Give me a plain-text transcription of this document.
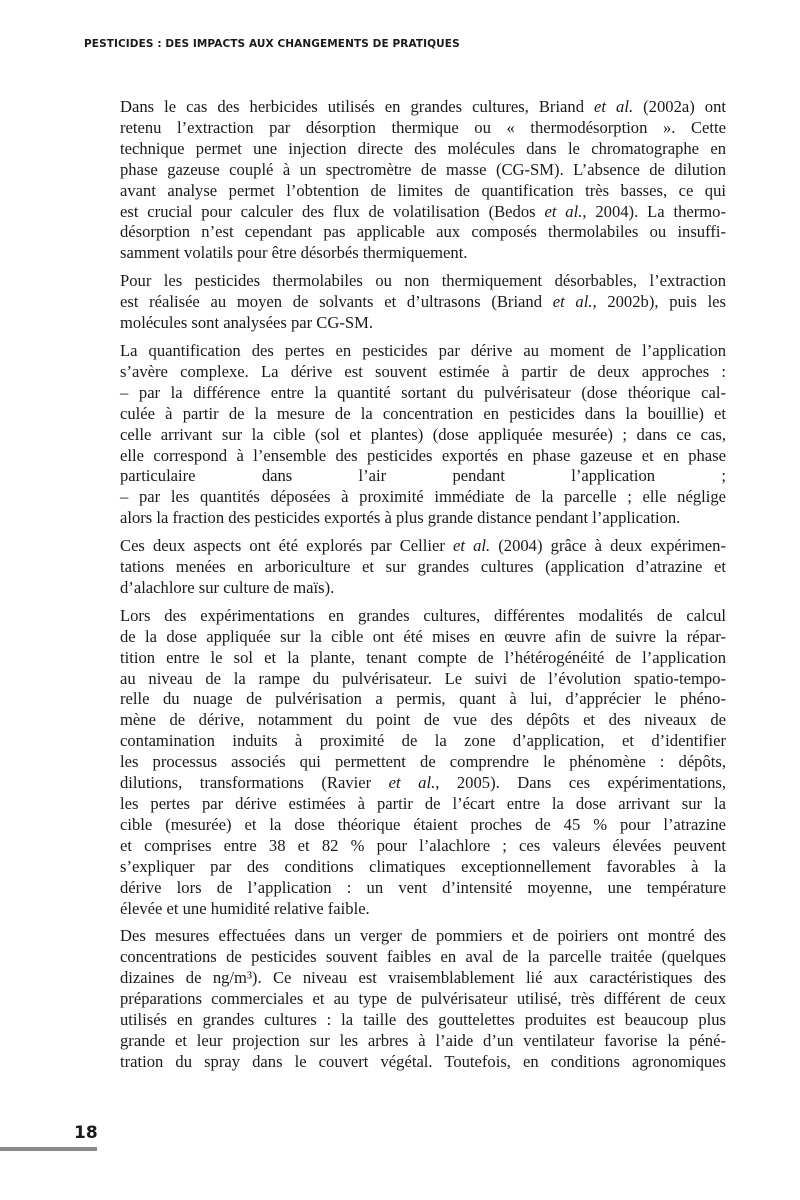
PESTICIDES : DES IMPACTS AUX CHANGEMENTS DE PRATIQUES

Dans le cas des herbicides utilisés en grandes cultures, Briand et al. (2002a) ont
retenu l’extraction par désorption thermique ou « thermodésorption ». Cette
technique permet une injection directe des molécules dans le chromatographe en
phase gazeuse couplé à un spectromètre de masse (CG-SM). L’absence de dilution
avant analyse permet l’obtention de limites de quantification très basses, ce qui
est crucial pour calculer des flux de volatilisation (Bedos et al., 2004). La thermo-
désorption n’est cependant pas applicable aux composés thermolabiles ou insuffi-
samment volatils pour être désorbés thermiquement.

Pour les pesticides thermolabiles ou non thermiquement désorbables, l’extraction
est réalisée au moyen de solvants et d’ultrasons (Briand et al., 2002b), puis les
molécules sont analysées par CG-SM.

La quantification des pertes en pesticides par dérive au moment de l’application
s’avère complexe. La dérive est souvent estimée à partir de deux approches :
– par la différence entre la quantité sortant du pulvérisateur (dose théorique cal-
culée à partir de la mesure de la concentration en pesticides dans la bouillie) et
celle arrivant sur la cible (sol et plantes) (dose appliquée mesurée) ; dans ce cas,
elle correspond à l’ensemble des pesticides exportés en phase gazeuse et en phase
particulaire dans l’air pendant l’application ;
– par les quantités déposées à proximité immédiate de la parcelle ; elle néglige
alors la fraction des pesticides exportés à plus grande distance pendant l’application.

Ces deux aspects ont été explorés par Cellier et al. (2004) grâce à deux expérimen-
tations menées en arboriculture et sur grandes cultures (application d’atrazine et
d’alachlore sur culture de maïs).

Lors des expérimentations en grandes cultures, différentes modalités de calcul
de la dose appliquée sur la cible ont été mises en œuvre afin de suivre la répar-
tition entre le sol et la plante, tenant compte de l’hétérogénéité de l’application
au niveau de la rampe du pulvérisateur. Le suivi de l’évolution spatio-tempo-
relle du nuage de pulvérisation a permis, quant à lui, d’apprécier le phéno-
mène de dérive, notamment du point de vue des dépôts et des niveaux de
contamination induits à proximité de la zone d’application, et d’identifier
les processus associés qui permettent de comprendre le phénomène : dépôts,
dilutions, transformations (Ravier et al., 2005). Dans ces expérimentations,
les pertes par dérive estimées à partir de l’écart entre la dose arrivant sur la
cible (mesurée) et la dose théorique étaient proches de 45 % pour l’atrazine
et comprises entre 38 et 82 % pour l’alachlore ; ces valeurs élevées peuvent
s’expliquer par des conditions climatiques exceptionnellement favorables à la
dérive lors de l’application : un vent d’intensité moyenne, une température
élevée et une humidité relative faible.

Des mesures effectuées dans un verger de pommiers et de poiriers ont montré des
concentrations de pesticides souvent faibles en aval de la parcelle traitée (quelques
dizaines de ng/m³). Ce niveau est vraisemblablement lié aux caractéristiques des
préparations commerciales et au type de pulvérisateur utilisé, très différent de ceux
utilisés en grandes cultures : la taille des gouttelettes produites est beaucoup plus
grande et leur projection sur les arbres à l’aide d’un ventilateur favorise la péné-
tration du spray dans le couvert végétal. Toutefois, en conditions agronomiques

18
